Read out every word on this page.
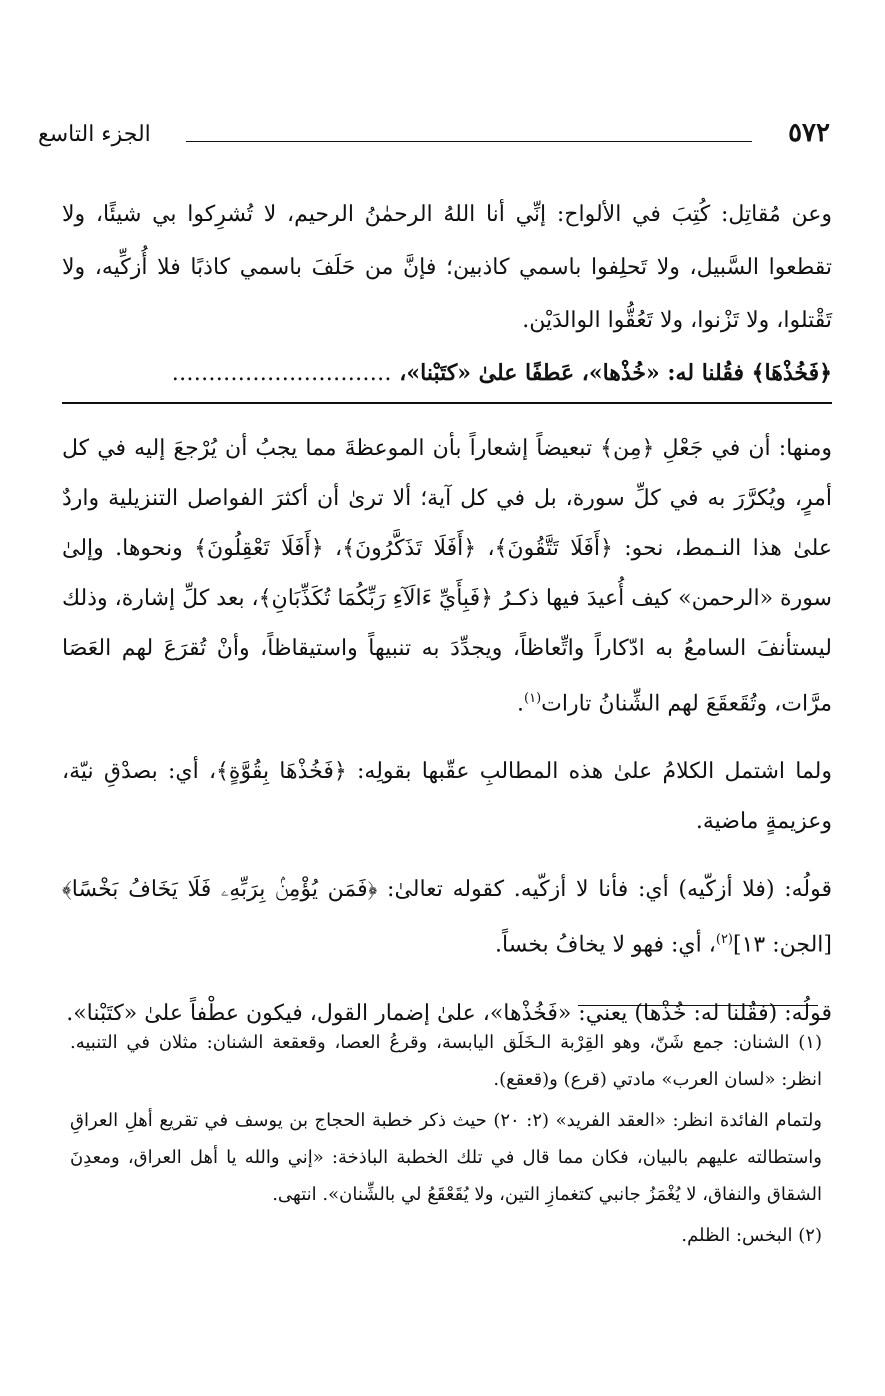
٥٧٢
الجزء التاسع

وعن مُقاتِل: كُتِبَ في الألواح: إنِّي أنا اللهُ الرحمٰنُ الرحيم، لا تُشرِكوا بي شيئًا، ولا تقطعوا السَّبيل، ولا تَحلِفوا باسمي كاذبين؛ فإنَّ من حَلَفَ باسمي كاذبًا فلا أُزكِّيه، ولا تَقْتلوا، ولا تَزْنوا، ولا تَعُقُّوا الوالدَيْن.

﴿فَخُذْهَا﴾ فقُلنا له: «خُذْها»، عَطفًا علىٰ «كتَبْنا»، …………………………

ومنها: أن في جَعْلِ ﴿مِن﴾ تبعيضاً إشعاراً بأن الموعظةَ مما يجبُ أن يُرْجعَ إليه في كل أمرٍ، ويُكرَّرَ به في كلِّ سورة، بل في كل آية؛ ألا ترىٰ أن أكثرَ الفواصل التنزيلية واردٌ علىٰ هذا النـمط، نحو: ﴿أَفَلَا تَتَّقُونَ﴾، ﴿أَفَلَا تَذَكَّرُونَ﴾، ﴿أَفَلَا تَعْقِلُونَ﴾ ونحوها. وإلىٰ سورة «الرحمن» كيف أُعيدَ فيها ذكـرُ ﴿فَبِأَيِّ ءَالَآءِ رَبِّكُمَا تُكَذِّبَانِ﴾، بعد كلِّ إشارة، وذلك ليستأنفَ السامعُ به ادّكاراً واتِّعاظاً، ويجدِّدَ به تنبيهاً واستيقاظاً، وأنْ تُقرَعَ لهم العَصَا مرَّات، وتُقَعقَعَ لهم الشِّنانُ تارات$^{(١)}$.

ولما اشتمل الكلامُ علىٰ هذه المطالبِ عقّبها بقولِه: ﴿فَخُذْهَا بِقُوَّةٍ﴾، أي: بصدْقِ نيّة، وعزيمةٍ ماضية.

قولُه: (فلا أزكّيه) أي: فأنا لا أزكّيه. كقوله تعالىٰ: ﴿فَمَن يُؤْمِنۢ بِرَبِّهِۦ فَلَا يَخَافُ بَخْسًا﴾ [الجن: ١٣]$^{(٢)}$، أي: فهو لا يخافُ بخساً.

قولُه: (فقُلنا له: خُذْها) يعني: «فَخُذْها»، علىٰ إضمار القول، فيكون عطْفاً علىٰ «كتَبْنا».

(١) الشنان: جمع شَنّ، وهو القِرْبة الـخَلَق اليابسة، وقرعُ العصا، وقعقعة الشنان: مثلان في التنبيه. انظر: «لسان العرب» مادتي (قرع) و(قعقع).

ولتمام الفائدة انظر: «العقد الفريد» (٢: ٢٠) حيث ذكر خطبة الحجاج بن يوسف في تقريع أهلِ العراقِ واستطالته عليهم بالبيان، فكان مما قال في تلك الخطبة الباذخة: «إني والله يا أهل العراق، ومعدِنَ الشقاق والنفاق، لا يُغْمَزُ جانبي كتغمازِ التين، ولا يُقَعْقَعُ لي بالشِّنان». انتهى.

(٢) البخس: الظلم.
